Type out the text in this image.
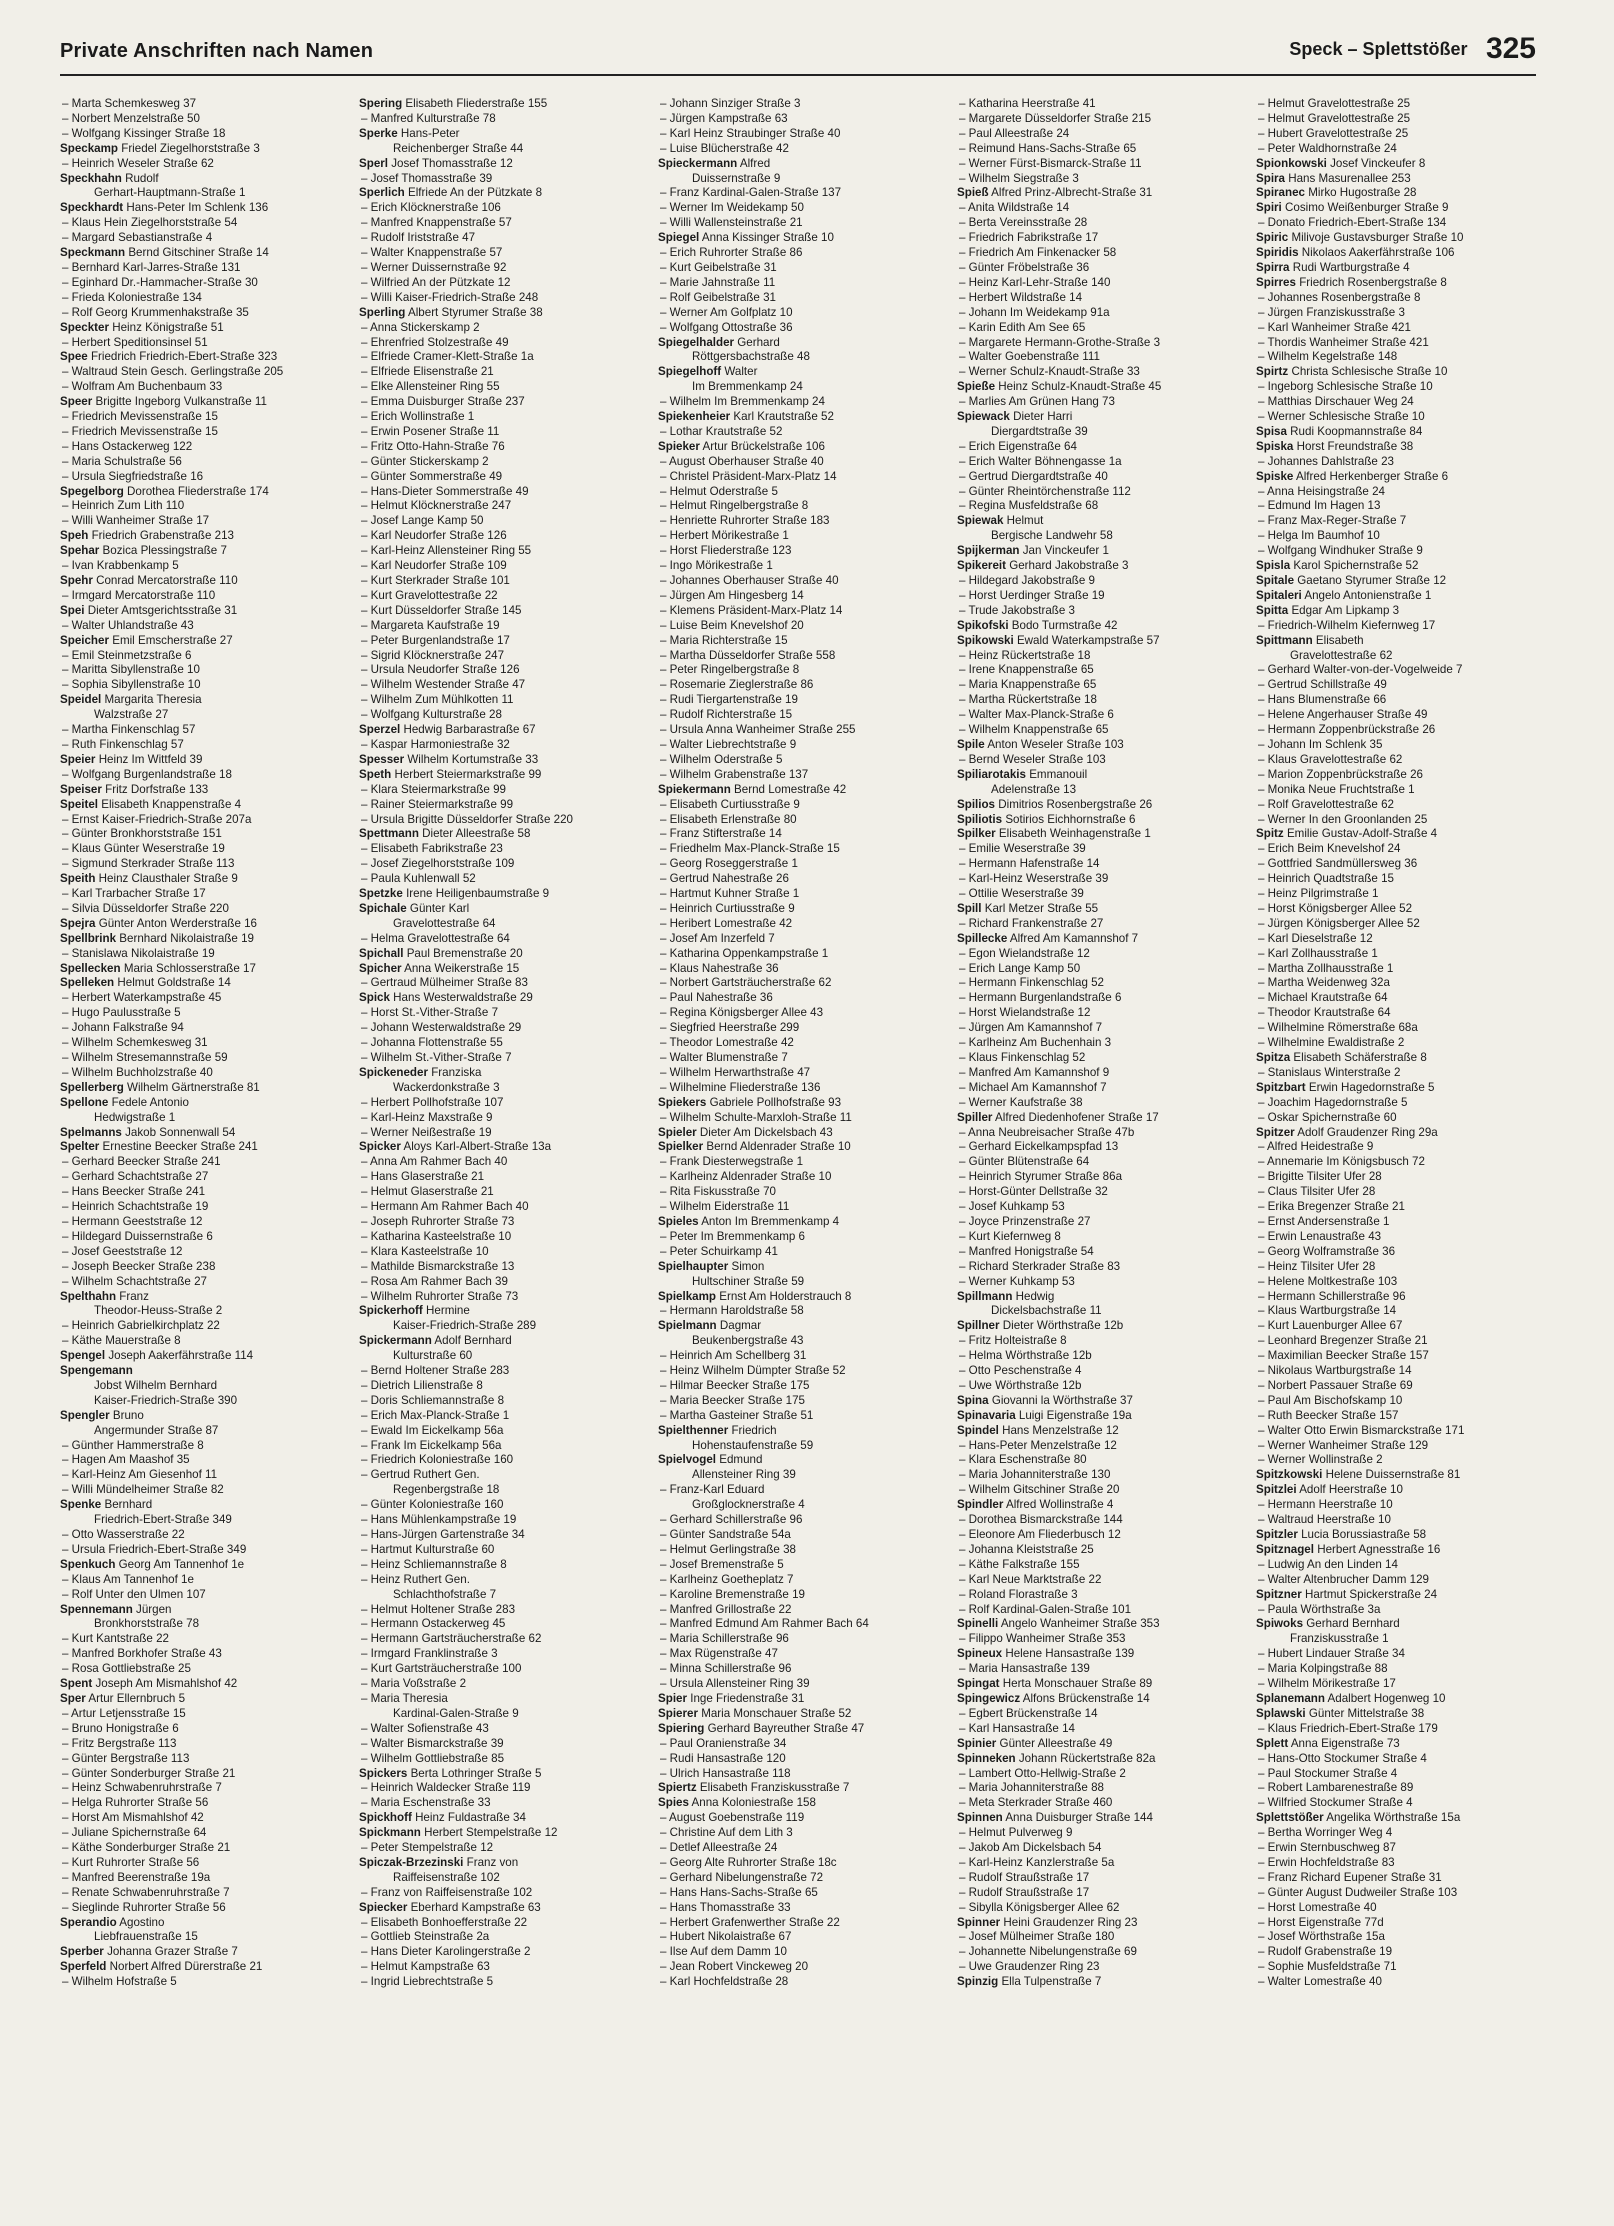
Private Anschriften nach Namen	Speck – Splettstößer 325
– Marta Schemkesweg 37
– Norbert Menzelstraße 50
– Wolfgang Kissinger Straße 18
Speckamp Friedel Ziegelhorststraße 3
– Heinrich Weseler Straße 62
Speckhahn Rudolf
Gerhart-Hauptmann-Straße 1
Speckhardt Hans-Peter Im Schlenk 136
– Klaus Hein Ziegelhorststraße 54
– Margard Sebastianstraße 4
Speckmann Bernd Gitschiner Straße 14
– Bernhard Karl-Jarres-Straße 131
– Eginhard Dr.-Hammacher-Straße 30
– Frieda Koloniestraße 134
– Rolf Georg Krummenhakstraße 35
Speckter Heinz Königstraße 51
– Herbert Speditionsinsel 51
Spee Friedrich Friedrich-Ebert-Straße 323
– Waltraud Stein Gesch. Gerlingstraße 205
– Wolfram Am Buchenbaum 33
Speer Brigitte Ingeborg Vulkanstraße 11
– Friedrich Mevissenstraße 15
– Friedrich Mevissenstraße 15
– Hans Ostackerweg 122
– Maria Schulstraße 56
– Ursula Siegfriedstraße 16
Spegelborg Dorothea Fliederstraße 174
– Heinrich Zum Lith 110
– Willi Wanheimer Straße 17
Speh Friedrich Grabenstraße 213
Spehar Bozica Plessingstraße 7
– Ivan Krabbenkamp 5
Spehr Conrad Mercatorstraße 110
– Irmgard Mercatorstraße 110
Spei Dieter Amtsgerichtsstraße 31
– Walter Uhlandstraße 43
Speicher Emil Emscherstraße 27
– Emil Steinmetzstraße 6
– Maritta Sibyllenstraße 10
– Sophia Sibyllenstraße 10
Speidel Margarita Theresia
Walzstraße 27
– Martha Finkenschlag 57
– Ruth Finkenschlag 57
Speier Heinz Im Wittfeld 39
– Wolfgang Burgenlandstraße 18
Speiser Fritz Dorfstraße 133
Speitel Elisabeth Knappenstraße 4
– Ernst Kaiser-Friedrich-Straße 207a
– Günter Bronkhorststraße 151
– Klaus Günter Weserstraße 19
– Sigmund Sterkrader Straße 113
Speith Heinz Clausthaler Straße 9
– Karl Trarbacher Straße 17
– Silvia Düsseldorfer Straße 220
Spejra Günter Anton Werderstraße 16
Spellbrink Bernhard Nikolaistraße 19
– Stanislawa Nikolaistraße 19
Spellecken Maria Schlosserstraße 17
Spelleken Helmut Goldstraße 14
– Herbert Waterkampstraße 45
– Hugo Paulusstraße 5
– Johann Falkstraße 94
– Wilhelm Schemkesweg 31
– Wilhelm Stresemannstraße 59
– Wilhelm Buchholzstraße 40
Spellerberg Wilhelm Gärtnerstraße 81
Spellone Fedele Antonio
Hedwigstraße 1
Spelmanns Jakob Sonnenwall 54
Spelter Ernestine Beecker Straße 241
– Gerhard Beecker Straße 241
– Gerhard Schachtstraße 27
– Hans Beecker Straße 241
– Heinrich Schachtstraße 19
– Hermann Geeststraße 12
– Hildegard Duissernstraße 6
– Josef Geeststraße 12
– Joseph Beecker Straße 238
– Wilhelm Schachtstraße 27
Spelthahn Franz
Theodor-Heuss-Straße 2
– Heinrich Gabrielkirchplatz 22
– Käthe Mauerstraße 8
Spengel Joseph Aakerfährstraße 114
Spengemann
Jobst Wilhelm Bernhard
Kaiser-Friedrich-Straße 390
Spengler Bruno
Angermunder Straße 87
– Günther Hammerstraße 8
– Hagen Am Maashof 35
– Karl-Heinz Am Giesenhof 11
– Willi Mündelheimer Straße 82
Spenke Bernhard
Friedrich-Ebert-Straße 349
– Otto Wasserstraße 22
– Ursula Friedrich-Ebert-Straße 349
Spenkuch Georg Am Tannenhof 1e
– Klaus Am Tannenhof 1e
– Rolf Unter den Ulmen 107
Spennemann Jürgen
Bronkhorststraße 78
– Kurt Kantstraße 22
– Manfred Borkhofer Straße 43
– Rosa Gottliebstraße 25
Spent Joseph Am Mismahlshof 42
Sper Artur Ellernbruch 5
– Artur Letjensstraße 15
– Bruno Honigstraße 6
– Fritz Bergstraße 113
– Günter Bergstraße 113
– Günter Sonderburger Straße 21
– Heinz Schwabenruhrstraße 7
– Helga Ruhrorter Straße 56
– Horst Am Mismahlshof 42
– Juliane Spichernstraße 64
– Käthe Sonderburger Straße 21
– Kurt Ruhrorter Straße 56
– Manfred Beerenstraße 19a
– Renate Schwabenruhrstraße 7
– Sieglinde Ruhrorter Straße 56
Sperandio Agostino
Liebfrauenstraße 15
Sperber Johanna Grazer Straße 7
Sperfeld Norbert Alfred Dürerstraße 21
– Wilhelm Hofstraße 5
Spering Elisabeth Fliederstraße 155
– Manfred Kulturstraße 78
Sperke Hans-Peter
Reichenberger Straße 44
Sperl Josef Thomasstraße 12
– Josef Thomasstraße 39
Sperlich Elfriede An der Pützkate 8
– Erich Klöcknerstraße 106
– Manfred Knappenstraße 57
– Rudolf Iriststraße 47
– Walter Knappenstraße 57
– Werner Duissernstraße 92
– Wilfried An der Pützkate 12
– Willi Kaiser-Friedrich-Straße 248
Sperling Albert Styrumer Straße 38
– Anna Stickerskamp 2
– Ehrenfried Stolzestraße 49
– Elfriede Cramer-Klett-Straße 1a
– Elfriede Elisenstraße 21
– Elke Allensteiner Ring 55
– Emma Duisburger Straße 237
– Erich Wollinstraße 1
– Erwin Posener Straße 11
– Fritz Otto-Hahn-Straße 76
– Günter Stickerskamp 2
– Günter Sommerstraße 49
– Hans-Dieter Sommerstraße 49
– Helmut Klöcknerstraße 247
– Josef Lange Kamp 50
– Karl Neudorfer Straße 126
– Karl-Heinz Allensteiner Ring 55
– Karl Neudorfer Straße 109
– Kurt Sterkrader Straße 101
– Kurt Gravelottestraße 22
– Kurt Düsseldorfer Straße 145
– Margareta Kaufstraße 19
– Peter Burgenlandstraße 17
– Sigrid Klöcknerstraße 247
– Ursula Neudorfer Straße 126
– Wilhelm Westender Straße 47
– Wilhelm Zum Mühlkotten 11
– Wolfgang Kulturstraße 28
Sperzel Hedwig Barbarastraße 67
– Kaspar Harmoniestraße 32
Spesser Wilhelm Kortumstraße 33
Speth Herbert Steiermarkstraße 99
– Klara Steiermarkstraße 99
– Rainer Steiermarkstraße 99
– Ursula Brigitte Düsseldorfer Straße 220
Spettmann Dieter Alleestraße 58
– Elisabeth Fabrikstraße 23
– Josef Ziegelhorststraße 109
– Paula Kuhlenwall 52
Spetzke Irene Heiligenbaumstraße 9
Spichale Günter Karl
Gravelottestraße 64
– Helma Gravelottestraße 64
Spichall Paul Bremenstraße 20
Spicher Anna Weikerstraße 15
– Gertraud Mülheimer Straße 83
Spick Hans Westerwaldstraße 29
– Horst St.-Vither-Straße 7
– Johann Westerwaldstraße 29
– Johanna Flottenstraße 55
– Wilhelm St.-Vither-Straße 7
Spickeneder Franziska
Wackerdonkstraße 3
– Herbert Pollhofstraße 107
– Karl-Heinz Maxstraße 9
– Werner Neißestraße 19
Spicker Aloys Karl-Albert-Straße 13a
– Anna Am Rahmer Bach 40
– Hans Glaserstraße 21
– Helmut Glaserstraße 21
– Hermann Am Rahmer Bach 40
– Joseph Ruhrorter Straße 73
– Katharina Kasteelstraße 10
– Klara Kasteelstraße 10
– Mathilde Bismarckstraße 13
– Rosa Am Rahmer Bach 39
– Wilhelm Ruhrorter Straße 73
Spickerhoff Hermine
Kaiser-Friedrich-Straße 289
Spickermann Adolf Bernhard
Kulturstraße 60
– Bernd Holtener Straße 283
– Dietrich Lilienstraße 8
– Doris Schliemannstraße 8
– Erich Max-Planck-Straße 1
– Ewald Im Eickelkamp 56a
– Frank Im Eickelkamp 56a
– Friedrich Koloniestraße 160
– Gertrud Ruthert Gen.
Regenbergstraße 18
– Günter Koloniestraße 160
– Hans Mühlenkampstraße 19
– Hans-Jürgen Gartenstraße 34
– Hartmut Kulturstraße 60
– Heinz Schliemannstraße 8
– Heinz Ruthert Gen.
Schlachthofstraße 7
– Helmut Holtener Straße 283
– Hermann Ostackerweg 45
– Hermann Gartsträucherstraße 62
– Irmgard Franklinstraße 3
– Kurt Gartsträucherstraße 100
– Maria Voßstraße 2
– Maria Theresia
Kardinal-Galen-Straße 9
– Walter Sofienstraße 43
– Walter Bismarckstraße 39
– Wilhelm Gottliebstraße 85
Spickers Berta Lothringer Straße 5
– Heinrich Waldecker Straße 119
– Maria Eschenstraße 33
Spickhoff Heinz Fuldastraße 34
Spickmann Herbert Stempelstraße 12
– Peter Stempelstraße 12
Spiczak-Brzezinski Franz von
Raiffeisenstraße 102
– Franz von Raiffeisenstraße 102
Spiecker Eberhard Kampstraße 63
– Elisabeth Bonhoefferstraße 22
– Gottlieb Steinstraße 2a
– Hans Dieter Karolingerstraße 2
– Helmut Kampstraße 63
– Ingrid Liebrechtstraße 5
– Johann Sinziger Straße 3
– Jürgen Kampstraße 63
– Karl Heinz Straubinger Straße 40
– Luise Blücherstraße 42
Spieckermann Alfred
Duissernstraße 9
– Franz Kardinal-Galen-Straße 137
– Werner Im Weidekamp 50
– Willi Wallensteinstraße 21
Spiegel Anna Kissinger Straße 10
– Erich Ruhrorter Straße 86
– Kurt Geibelstraße 31
– Marie Jahnstraße 11
– Rolf Geibelstraße 31
– Werner Am Golfplatz 10
– Wolfgang Ottostraße 36
Spiegelhalder Gerhard
Röttgersbachstraße 48
Spiegelhoff Walter
Im Bremmenkamp 24
– Wilhelm Im Bremmenkamp 24
Spiekenheier Karl Krautstraße 52
– Lothar Krautstraße 52
Spieker Artur Brückelstraße 106
– August Oberhauser Straße 40
– Christel Präsident-Marx-Platz 14
– Helmut Oderstraße 5
– Helmut Ringelbergstraße 8
– Henriette Ruhrorter Straße 183
– Herbert Mörikestraße 1
– Horst Fliederstraße 123
– Ingo Mörikestraße 1
– Johannes Oberhauser Straße 40
– Jürgen Am Hingesberg 14
– Klemens Präsident-Marx-Platz 14
– Luise Beim Knevelshof 20
– Maria Richterstraße 15
– Martha Düsseldorfer Straße 558
– Peter Ringelbergstraße 8
– Rosemarie Zieglerstraße 86
– Rudi Tiergartenstraße 19
– Rudolf Richterstraße 15
– Ursula Anna Wanheimer Straße 255
– Walter Liebrechtstraße 9
– Wilhelm Oderstraße 5
– Wilhelm Grabenstraße 137
Spiekermann Bernd Lomestraße 42
– Elisabeth Curtiusstraße 9
– Elisabeth Erlenstraße 80
– Franz Stifterstraße 14
– Friedhelm Max-Planck-Straße 15
– Georg Roseggerstraße 1
– Gertrud Nahestraße 26
– Hartmut Kuhner Straße 1
– Heinrich Curtiusstraße 9
– Heribert Lomestraße 42
– Josef Am Inzerfeld 7
– Katharina Oppenkampstraße 1
– Klaus Nahestraße 36
– Norbert Gartsträucherstraße 62
– Paul Nahestraße 36
– Regina Königsberger Allee 43
– Siegfried Heerstraße 299
– Theodor Lomestraße 42
– Walter Blumenstraße 7
– Wilhelm Herwarthstraße 47
– Wilhelmine Fliederstraße 136
Spiekers Gabriele Pollhofstraße 93
– Wilhelm Schulte-Marxloh-Straße 11
Spieler Dieter Am Dickelsbach 43
Spielker Bernd Aldenrader Straße 10
– Frank Diesterwegstraße 1
– Karlheinz Aldenrader Straße 10
– Rita Fiskusstraße 70
– Wilhelm Eiderstraße 11
Spieles Anton Im Bremmenkamp 4
– Peter Im Bremmenkamp 6
– Peter Schuirkamp 41
Spielhaupter Simon
Hultschiner Straße 59
Spielkamp Ernst Am Holderstrauch 8
– Hermann Haroldstraße 58
Spielmann Dagmar
Beukenbergstraße 43
– Heinrich Am Schellberg 31
– Heinz Wilhelm Dümpter Straße 52
– Hilmar Beecker Straße 175
– Maria Beecker Straße 175
– Martha Gasteiner Straße 51
Spielthenner Friedrich
Hohenstaufenstraße 59
Spielvogel Edmund
Allensteiner Ring 39
– Franz-Karl Eduard
Großglocknerstraße 4
– Gerhard Schillerstraße 96
– Günter Sandstraße 54a
– Helmut Gerlingstraße 38
– Josef Bremenstraße 5
– Karlheinz Goetheplatz 7
– Karoline Bremenstraße 19
– Manfred Grillostraße 22
– Manfred Edmund Am Rahmer Bach 64
– Maria Schillerstraße 96
– Max Rügenstraße 47
– Minna Schillerstraße 96
– Ursula Allensteiner Ring 39
Spier Inge Friedenstraße 31
Spierer Maria Monschauer Straße 52
Spiering Gerhard Bayreuther Straße 47
– Paul Oranienstraße 34
– Rudi Hansastraße 120
– Ulrich Hansastraße 118
Spiertz Elisabeth Franziskusstraße 7
Spies Anna Koloniestraße 158
– August Goebenstraße 119
– Christine Auf dem Lith 3
– Detlef Alleestraße 24
– Georg Alte Ruhrorter Straße 18c
– Gerhard Nibelungenstraße 72
– Hans Hans-Sachs-Straße 65
– Hans Thomasstraße 33
– Herbert Grafenwerther Straße 22
– Hubert Nikolaistraße 67
– Ilse Auf dem Damm 10
– Jean Robert Vinckeweg 20
– Karl Hochfeldstraße 28
– Katharina Heerstraße 41
– Margarete Düsseldorfer Straße 215
– Paul Alleestraße 24
– Reimund Hans-Sachs-Straße 65
– Werner Fürst-Bismarck-Straße 11
– Wilhelm Siegstraße 3
Spieß Alfred Prinz-Albrecht-Straße 31
– Anita Wildstraße 14
– Berta Vereinsstraße 28
– Friedrich Fabrikstraße 17
– Friedrich Am Finkenacker 58
– Günter Fröbelstraße 36
– Heinz Karl-Lehr-Straße 140
– Herbert Wildstraße 14
– Johann Im Weidekamp 91a
– Karin Edith Am See 65
– Margarete Hermann-Grothe-Straße 3
– Walter Goebenstraße 111
– Werner Schulz-Knaudt-Straße 33
Spieße Heinz Schulz-Knaudt-Straße 45
– Marlies Am Grünen Hang 73
Spiewack Dieter Harri
Diergardtstraße 39
– Erich Eigenstraße 64
– Erich Walter Böhnengasse 1a
– Gertrud Diergardtstraße 40
– Günter Rheintörchenstraße 112
– Regina Musfeldstraße 68
Spiewak Helmut
Bergische Landwehr 58
Spijkerman Jan Vinckeufer 1
Spikereit Gerhard Jakobstraße 3
– Hildegard Jakobstraße 9
– Horst Uerdinger Straße 19
– Trude Jakobstraße 3
Spikofski Bodo Turmstraße 42
Spikowski Ewald Waterkampstraße 57
– Heinz Rückertstraße 18
– Irene Knappenstraße 65
– Maria Knappenstraße 65
– Martha Rückertstraße 18
– Walter Max-Planck-Straße 6
– Wilhelm Knappenstraße 65
Spile Anton Weseler Straße 103
– Bernd Weseler Straße 103
Spiliarotakis Emmanouil
Adelenstraße 13
Spilios Dimitrios Rosenbergstraße 26
Spiliotis Sotirios Eichhornstraße 6
Spilker Elisabeth Weinhagenstraße 1
– Emilie Weserstraße 39
– Hermann Hafenstraße 14
– Karl-Heinz Weserstraße 39
– Ottilie Weserstraße 39
Spill Karl Metzer Straße 55
– Richard Frankenstraße 27
Spillecke Alfred Am Kamannshof 7
– Egon Wielandstraße 12
– Erich Lange Kamp 50
– Hermann Finkenschlag 52
– Hermann Burgenlandstraße 6
– Horst Wielandstraße 12
– Jürgen Am Kamannshof 7
– Karlheinz Am Buchenhain 3
– Klaus Finkenschlag 52
– Manfred Am Kamannshof 9
– Michael Am Kamannshof 7
– Werner Kaufstraße 38
Spiller Alfred Diedenhofener Straße 17
– Anna Neubreisacher Straße 47b
– Gerhard Eickelkampspfad 13
– Günter Blütenstraße 64
– Heinrich Styrumer Straße 86a
– Horst-Günter Dellstraße 32
– Josef Kuhkamp 53
– Joyce Prinzenstraße 27
– Kurt Kiefernweg 8
– Manfred Honigstraße 54
– Richard Sterkrader Straße 83
– Werner Kuhkamp 53
Spillmann Hedwig
Dickelsbachstraße 11
Spillner Dieter Wörthstraße 12b
– Fritz Holteistraße 8
– Helma Wörthstraße 12b
– Otto Peschenstraße 4
– Uwe Wörthstraße 12b
Spina Giovanni la Wörthstraße 37
Spinavaria Luigi Eigenstraße 19a
Spindel Hans Menzelstraße 12
– Hans-Peter Menzelstraße 12
– Klara Eschenstraße 80
– Maria Johanniterstraße 130
– Wilhelm Gitschiner Straße 20
Spindler Alfred Wollinstraße 4
– Dorothea Bismarckstraße 144
– Eleonore Am Fliederbusch 12
– Johanna Kleiststraße 25
– Käthe Falkstraße 155
– Karl Neue Marktstraße 22
– Roland Florastraße 3
– Rolf Kardinal-Galen-Straße 101
Spinelli Angelo Wanheimer Straße 353
– Filippo Wanheimer Straße 353
Spineux Helene Hansastraße 139
– Maria Hansastraße 139
Spingat Herta Monschauer Straße 89
Spingewicz Alfons Brückenstraße 14
– Egbert Brückenstraße 14
– Karl Hansastraße 14
Spinier Günter Alleestraße 49
Spinneken Johann Rückertstraße 82a
– Lambert Otto-Hellwig-Straße 2
– Maria Johanniterstraße 88
– Meta Sterkrader Straße 460
Spinnen Anna Duisburger Straße 144
– Helmut Pulverweg 9
– Jakob Am Dickelsbach 54
– Karl-Heinz Kanzlerstraße 5a
– Rudolf Straußstraße 17
– Rudolf Straußstraße 17
– Sibylla Königsberger Allee 62
Spinner Heini Graudenzer Ring 23
– Josef Mülheimer Straße 180
– Johannette Nibelungenstraße 69
– Uwe Graudenzer Ring 23
Spinzig Ella Tulpenstraße 7
– Helmut Gravelottestraße 25
– Helmut Gravelottestraße 25
– Hubert Gravelottestraße 25
– Peter Waldhornstraße 24
Spionkowski Josef Vinckeufer 8
Spira Hans Masurenallee 253
Spiranec Mirko Hugostraße 28
Spiri Cosimo Weißenburger Straße 9
– Donato Friedrich-Ebert-Straße 134
Spiric Milivoje Gustavsburger Straße 10
Spiridis Nikolaos Aakerfährstraße 106
Spirra Rudi Wartburgstraße 4
Spirres Friedrich Rosenbergstraße 8
– Johannes Rosenbergstraße 8
– Jürgen Franziskusstraße 3
– Karl Wanheimer Straße 421
– Thordis Wanheimer Straße 421
– Wilhelm Kegelstraße 148
Spirtz Christa Schlesische Straße 10
– Ingeborg Schlesische Straße 10
– Matthias Dirschauer Weg 24
– Werner Schlesische Straße 10
Spisa Rudi Koopmannstraße 84
Spiska Horst Freundstraße 38
– Johannes Dahlstraße 23
Spiske Alfred Herkenberger Straße 6
– Anna Heisingstraße 24
– Edmund Im Hagen 13
– Franz Max-Reger-Straße 7
– Helga Im Baumhof 10
– Wolfgang Windhuker Straße 9
Spisla Karol Spichernstraße 52
Spitale Gaetano Styrumer Straße 12
Spitaleri Angelo Antonienstraße 1
Spitta Edgar Am Lipkamp 3
– Friedrich-Wilhelm Kiefernweg 17
Spittmann Elisabeth
Gravelottestraße 62
– Gerhard Walter-von-der-Vogelweide 7
– Gertrud Schillstraße 49
– Hans Blumenstraße 66
– Helene Angerhauser Straße 49
– Hermann Zoppenbrückstraße 26
– Johann Im Schlenk 35
– Klaus Gravelottestraße 62
– Marion Zoppenbrückstraße 26
– Monika Neue Fruchtstraße 1
– Rolf Gravelottestraße 62
– Werner In den Groonlanden 25
Spitz Emilie Gustav-Adolf-Straße 4
– Erich Beim Knevelshof 24
– Gottfried Sandmüllersweg 36
– Heinrich Quadtstraße 15
– Heinz Pilgrimstraße 1
– Horst Königsberger Allee 52
– Jürgen Königsberger Allee 52
– Karl Dieselstraße 12
– Karl Zollhausstraße 1
– Martha Zollhausstraße 1
– Martha Weidenweg 32a
– Michael Krautstraße 64
– Theodor Krautstraße 64
– Wilhelmine Römerstraße 68a
– Wilhelmine Ewaldistraße 2
Spitza Elisabeth Schäferstraße 8
– Stanislaus Winterstraße 2
Spitzbart Erwin Hagedornstraße 5
– Joachim Hagedornstraße 5
– Oskar Spichernstraße 60
Spitzer Adolf Graudenzer Ring 29a
– Alfred Heidestraße 9
– Annemarie Im Königsbusch 72
– Brigitte Tilsiter Ufer 28
– Claus Tilsiter Ufer 28
– Erika Bregenzer Straße 21
– Ernst Andersenstraße 1
– Erwin Lenaustraße 43
– Georg Wolframstraße 36
– Heinz Tilsiter Ufer 28
– Helene Moltkestraße 103
– Hermann Schillerstraße 96
– Klaus Wartburgstraße 14
– Kurt Lauenburger Allee 67
– Leonhard Bregenzer Straße 21
– Maximilian Beecker Straße 157
– Nikolaus Wartburgstraße 14
– Norbert Passauer Straße 69
– Paul Am Bischofskamp 10
– Ruth Beecker Straße 157
– Walter Otto Erwin Bismarckstraße 171
– Werner Wanheimer Straße 129
– Werner Wollinstraße 2
Spitzkowski Helene Duissernstraße 81
Spitzlei Adolf Heerstraße 10
– Hermann Heerstraße 10
– Waltraud Heerstraße 10
Spitzler Lucia Borussiastraße 58
Spitznagel Herbert Agnesstraße 16
– Ludwig An den Linden 14
– Walter Altenbrucher Damm 129
Spitzner Hartmut Spickerstraße 24
– Paula Wörthstraße 3a
Spiwoks Gerhard Bernhard
Franziskusstraße 1
– Hubert Lindauer Straße 34
– Maria Kolpingstraße 88
– Wilhelm Mörikestraße 17
Splanemann Adalbert Hogenweg 10
Splawski Günter Mittelstraße 38
– Klaus Friedrich-Ebert-Straße 179
Splett Anna Eigenstraße 73
– Hans-Otto Stockumer Straße 4
– Paul Stockumer Straße 4
– Robert Lambarenestraße 89
– Wilfried Stockumer Straße 4
Splettstößer Angelika Wörthstraße 15a
– Bertha Worringer Weg 4
– Erwin Sternbuschweg 87
– Erwin Hochfeldstraße 83
– Franz Richard Eupener Straße 31
– Günter August Dudweiler Straße 103
– Horst Lomestraße 40
– Horst Eigenstraße 77d
– Josef Wörthstraße 15a
– Rudolf Grabenstraße 19
– Sophie Musfeldstraße 71
– Walter Lomestraße 40
